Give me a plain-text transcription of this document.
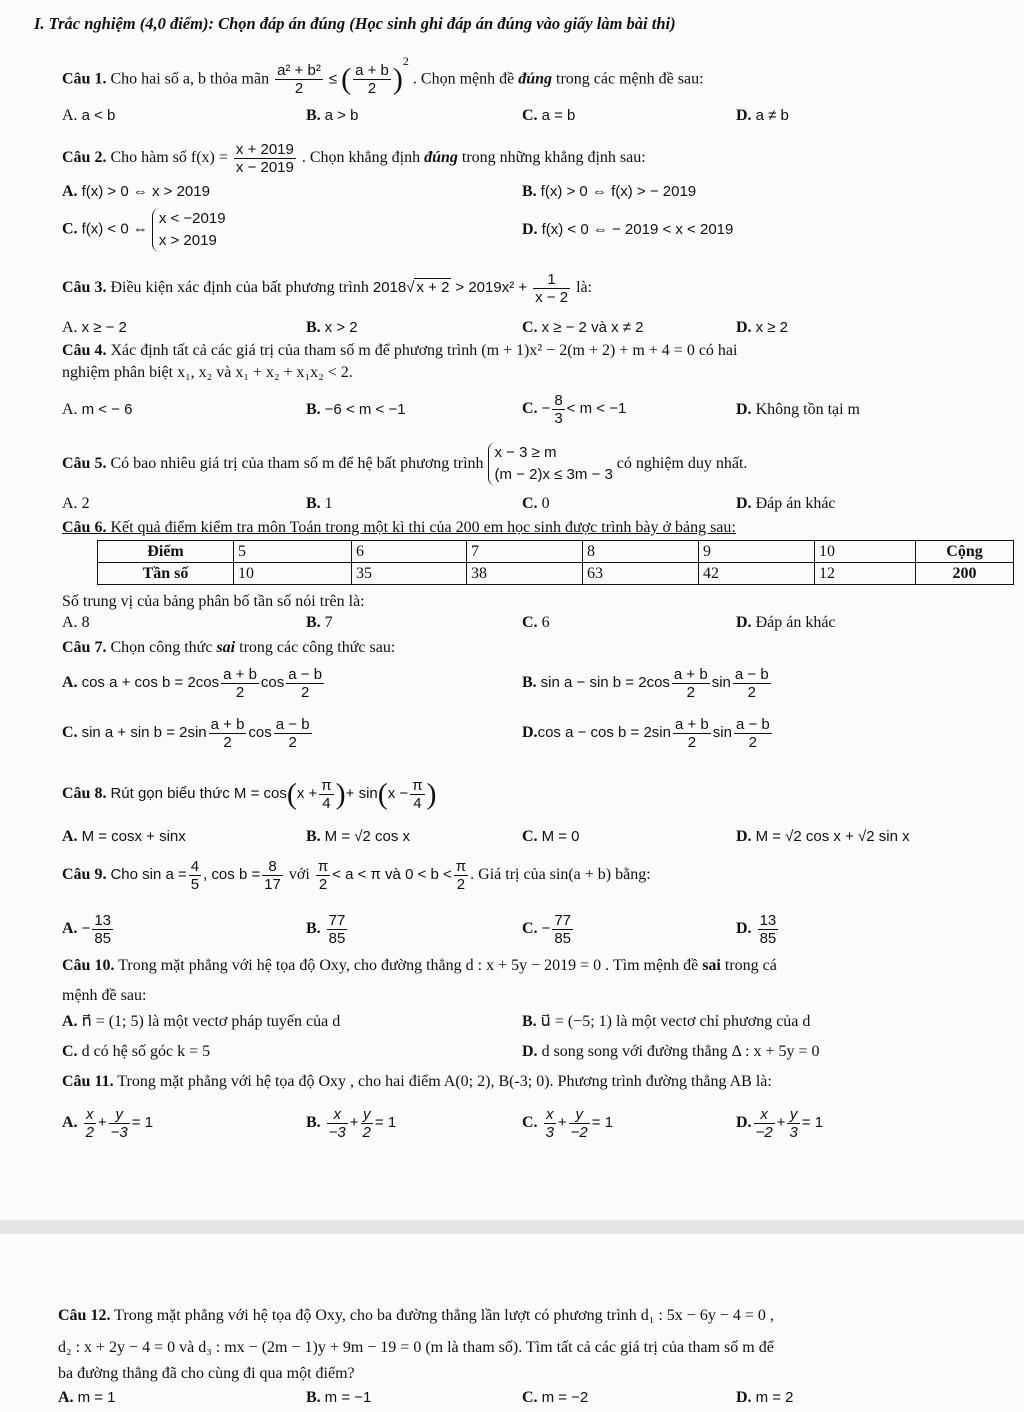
I. Trắc nghiệm (4,0 điểm): Chọn đáp án đúng (Học sinh ghi đáp án đúng vào giấy làm bài thi)
Câu 1. Cho hai số a, b thỏa mãn $\frac{\text{a² + b²}}{2}$ ≤ ( $\frac{a + b}{2} )^2$ . Chọn mệnh đề đúng trong các mệnh đề sau:
A. a < b	B. a > b	C. a = b	D. a ≠ b
Câu 2. Cho hàm số $f(x) = \frac{x + 2019}{x - 2019}$ . Chọn khẳng định đúng trong những khẳng định sau:
A. f(x) > 0 ⇔ x > 2019	B. f(x) > 0 ⇔ f(x) > − 2019
C. f(x) < 0 ⇔
x < −2019
x > 2019
D. f(x) < 0 ⇔ − 2019 < x < 2019
Câu 3. Điều kiện xác định của bất phương trình 2018√ $x + 2 > 2019x^2 + \frac{1}{x - 2}$ là:
A. x ≥ − 2	B. x > 2	C. x ≥ − 2 và x ≠ 2	D. x ≥ 2
Câu 4. Xác định tất cả các giá trị của tham số m để phương trình (m + 1)x² − 2(m + 2) + m + 4 = 0 có hai
nghiệm phân biệt x₁, x₂ và x₁ + x₂ + x₁x₂ < 2.
A. m < − 6	B. −6 < m < −1	C. − $\frac{8}{3} < m < -1$	D. Không tồn tại m
Câu 5. Có bao nhiêu giá trị của tham số m để hệ bất phương trình
x − 3 ≥ m
(m − 2)x ≤ 3m − 3
có nghiệm duy nhất.
A. 2	B. 1	C. 0	D. Đáp án khác
Câu 6. Kết quả điểm kiểm tra môn Toán trong một kì thi của 200 em học sinh được trình bày ở bảng sau:
Điểm	5	6	7	8	9	10	Cộng
Tần số	10	35	38	63	42	12	200
Số trung vị của bảng phân bố tần số nói trên là:
A. 8	B. 7	C. 6	D. Đáp án khác
Câu 7. Chọn công thức sai trong các công thức sau:
A. $\cos a + \cos b = 2\cos \frac{a + b}{2}$ $\cos \frac{a - b}{2}$	B. $\sin a - \sin b = 2\cos \frac{a + b}{2}$ $\sin \frac{a - b}{2}$
C. $\sin a + \sin b = 2\sin \frac{a + b}{2}$ $\cos \frac{a - b}{2}$	D.cos $a - \cos b = 2\sin \frac{a + b}{2}$ $\sin \frac{a - b}{2}$
Câu 8. Rút gọn biểu thức $M = \cos(x + \frac{\pi}{4}$ )+ $\sin(x - \frac{\pi}{4}$ )
A. M = cosx + sinx	B. M = √2 cos x	C. M = 0	D. M = √2 cos x + √2 sin x
Câu 9. Cho $\sin a = \frac{4}{5}$ , $\cos b = \frac{8}{17}$ với $\frac{\pi}{2} < a < \pi$ và $0 < b < \frac{\pi}{2}$ . Giá trị của sin(a + b) bằng:
A. − $\frac{13}{85}$	B. $\frac{77}{85}$	C. − $\frac{77}{85}$	D. $\frac{13}{85}$
Câu 10. Trong mặt phẳng với hệ tọa độ Oxy, cho đường thẳng d : x + 5y − 2019 = 0 . Tìm mệnh đề sai trong cá
mệnh đề sau:
A. n⃗ = (1; 5) là một vectơ pháp tuyến của d	B. u⃗ = (−5; 1) là một vectơ chỉ phương của d
C. d có hệ số góc k = 5	D. d song song với đường thẳng Δ : x + 5y = 0
Câu 11. Trong mặt phẳng với hệ tọa độ Oxy , cho hai điểm A(0; 2), B(-3; 0). Phương trình đường thẳng AB là:
A. $\frac{x}{2} + \frac{y}{-3} = 1$	B. $\frac{x}{-3} + \frac{y}{2} = 1$	C. $\frac{x}{3} + \frac{y}{-2} = 1$	D. $\frac{x}{-2} + \frac{y}{3} = 1$
Câu 12. Trong mặt phẳng với hệ tọa độ Oxy, cho ba đường thẳng lần lượt có phương trình d₁ : 5x − 6y − 4 = 0 ,
d₂ : x + 2y − 4 = 0 và d₃ : mx − (2m − 1)y + 9m − 19 = 0 (m là tham số). Tìm tất cả các giá trị của tham số m để
ba đường thẳng đã cho cùng đi qua một điểm?
A. m = 1	B. m = −1	C. m = −2	D. m = 2
